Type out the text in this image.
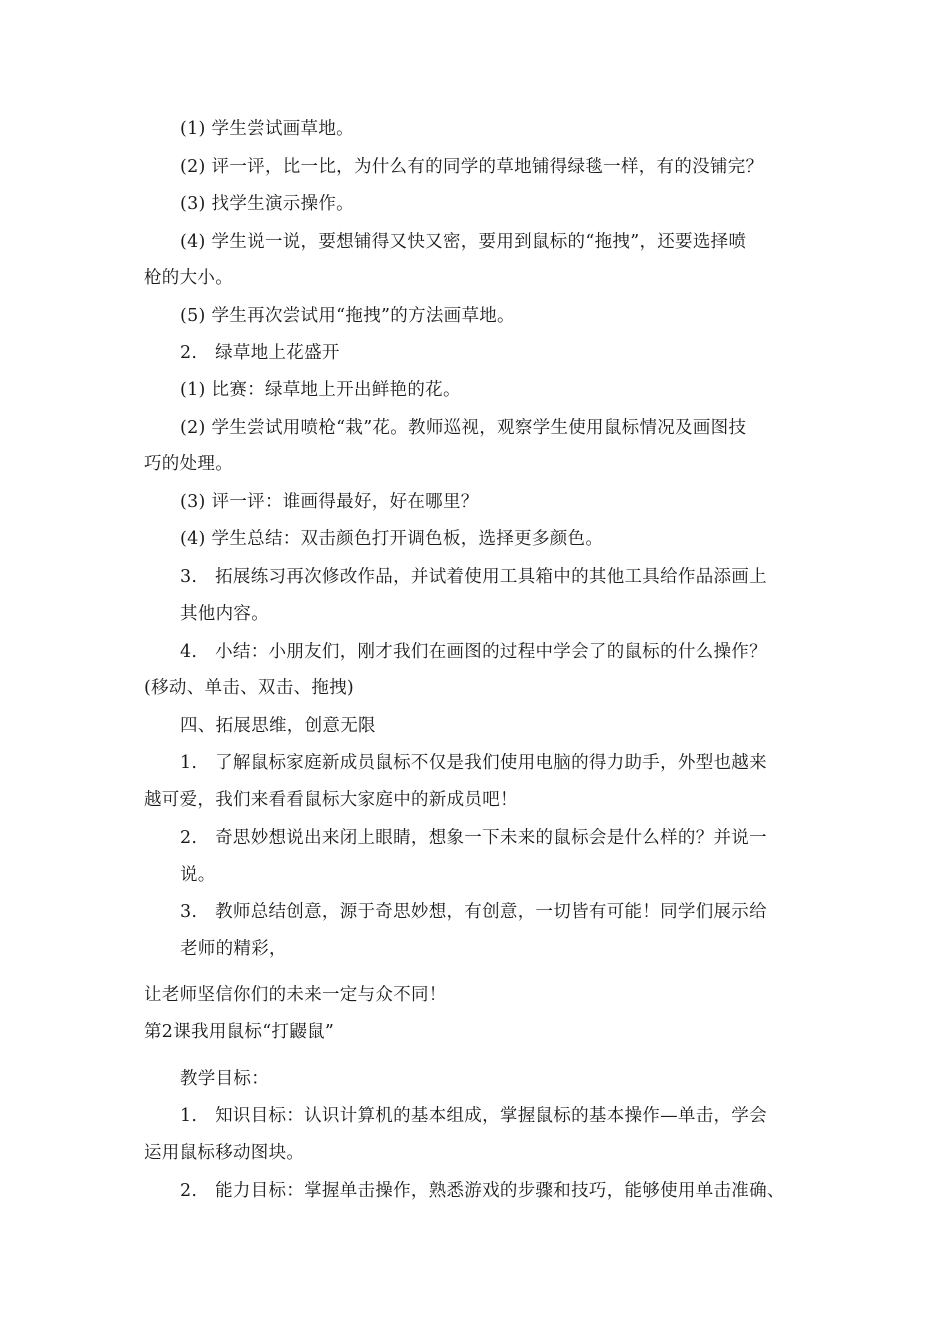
(1) 学生尝试画草地。
(2) 评一评，比一比，为什么有的同学的草地铺得绿毯一样，有的没铺完？
(3) 找学生演示操作。
(4) 学生说一说，要想铺得又快又密，要用到鼠标的“拖拽”，还要选择喷
枪的大小。
(5) 学生再次尝试用“拖拽”的方法画草地。
2.　绿草地上花盛开
(1) 比赛：绿草地上开出鲜艳的花。
(2) 学生尝试用喷枪“栽”花。教师巡视，观察学生使用鼠标情况及画图技
巧的处理。
(3) 评一评：谁画得最好，好在哪里？
(4) 学生总结：双击颜色打开调色板，选择更多颜色。
3.　拓展练习再次修改作品，并试着使用工具箱中的其他工具给作品添画上
其他内容。
4.　小结：小朋友们，刚才我们在画图的过程中学会了的鼠标的什么操作？
(移动、单击、双击、拖拽)
四、拓展思维，创意无限
1.　了解鼠标家庭新成员鼠标不仅是我们使用电脑的得力助手，外型也越来
越可爱，我们来看看鼠标大家庭中的新成员吧！
2.　奇思妙想说出来闭上眼睛，想象一下未来的鼠标会是什么样的？并说一
说。
3.　教师总结创意，源于奇思妙想，有创意，一切皆有可能！同学们展示给
老师的精彩，
让老师坚信你们的未来一定与众不同！
第2课我用鼠标“打鼹鼠”
教学目标：
1.　知识目标：认识计算机的基本组成，掌握鼠标的基本操作—单击，学会
运用鼠标移动图块。
2.　能力目标：掌握单击操作，熟悉游戏的步骤和技巧，能够使用单击准确、
